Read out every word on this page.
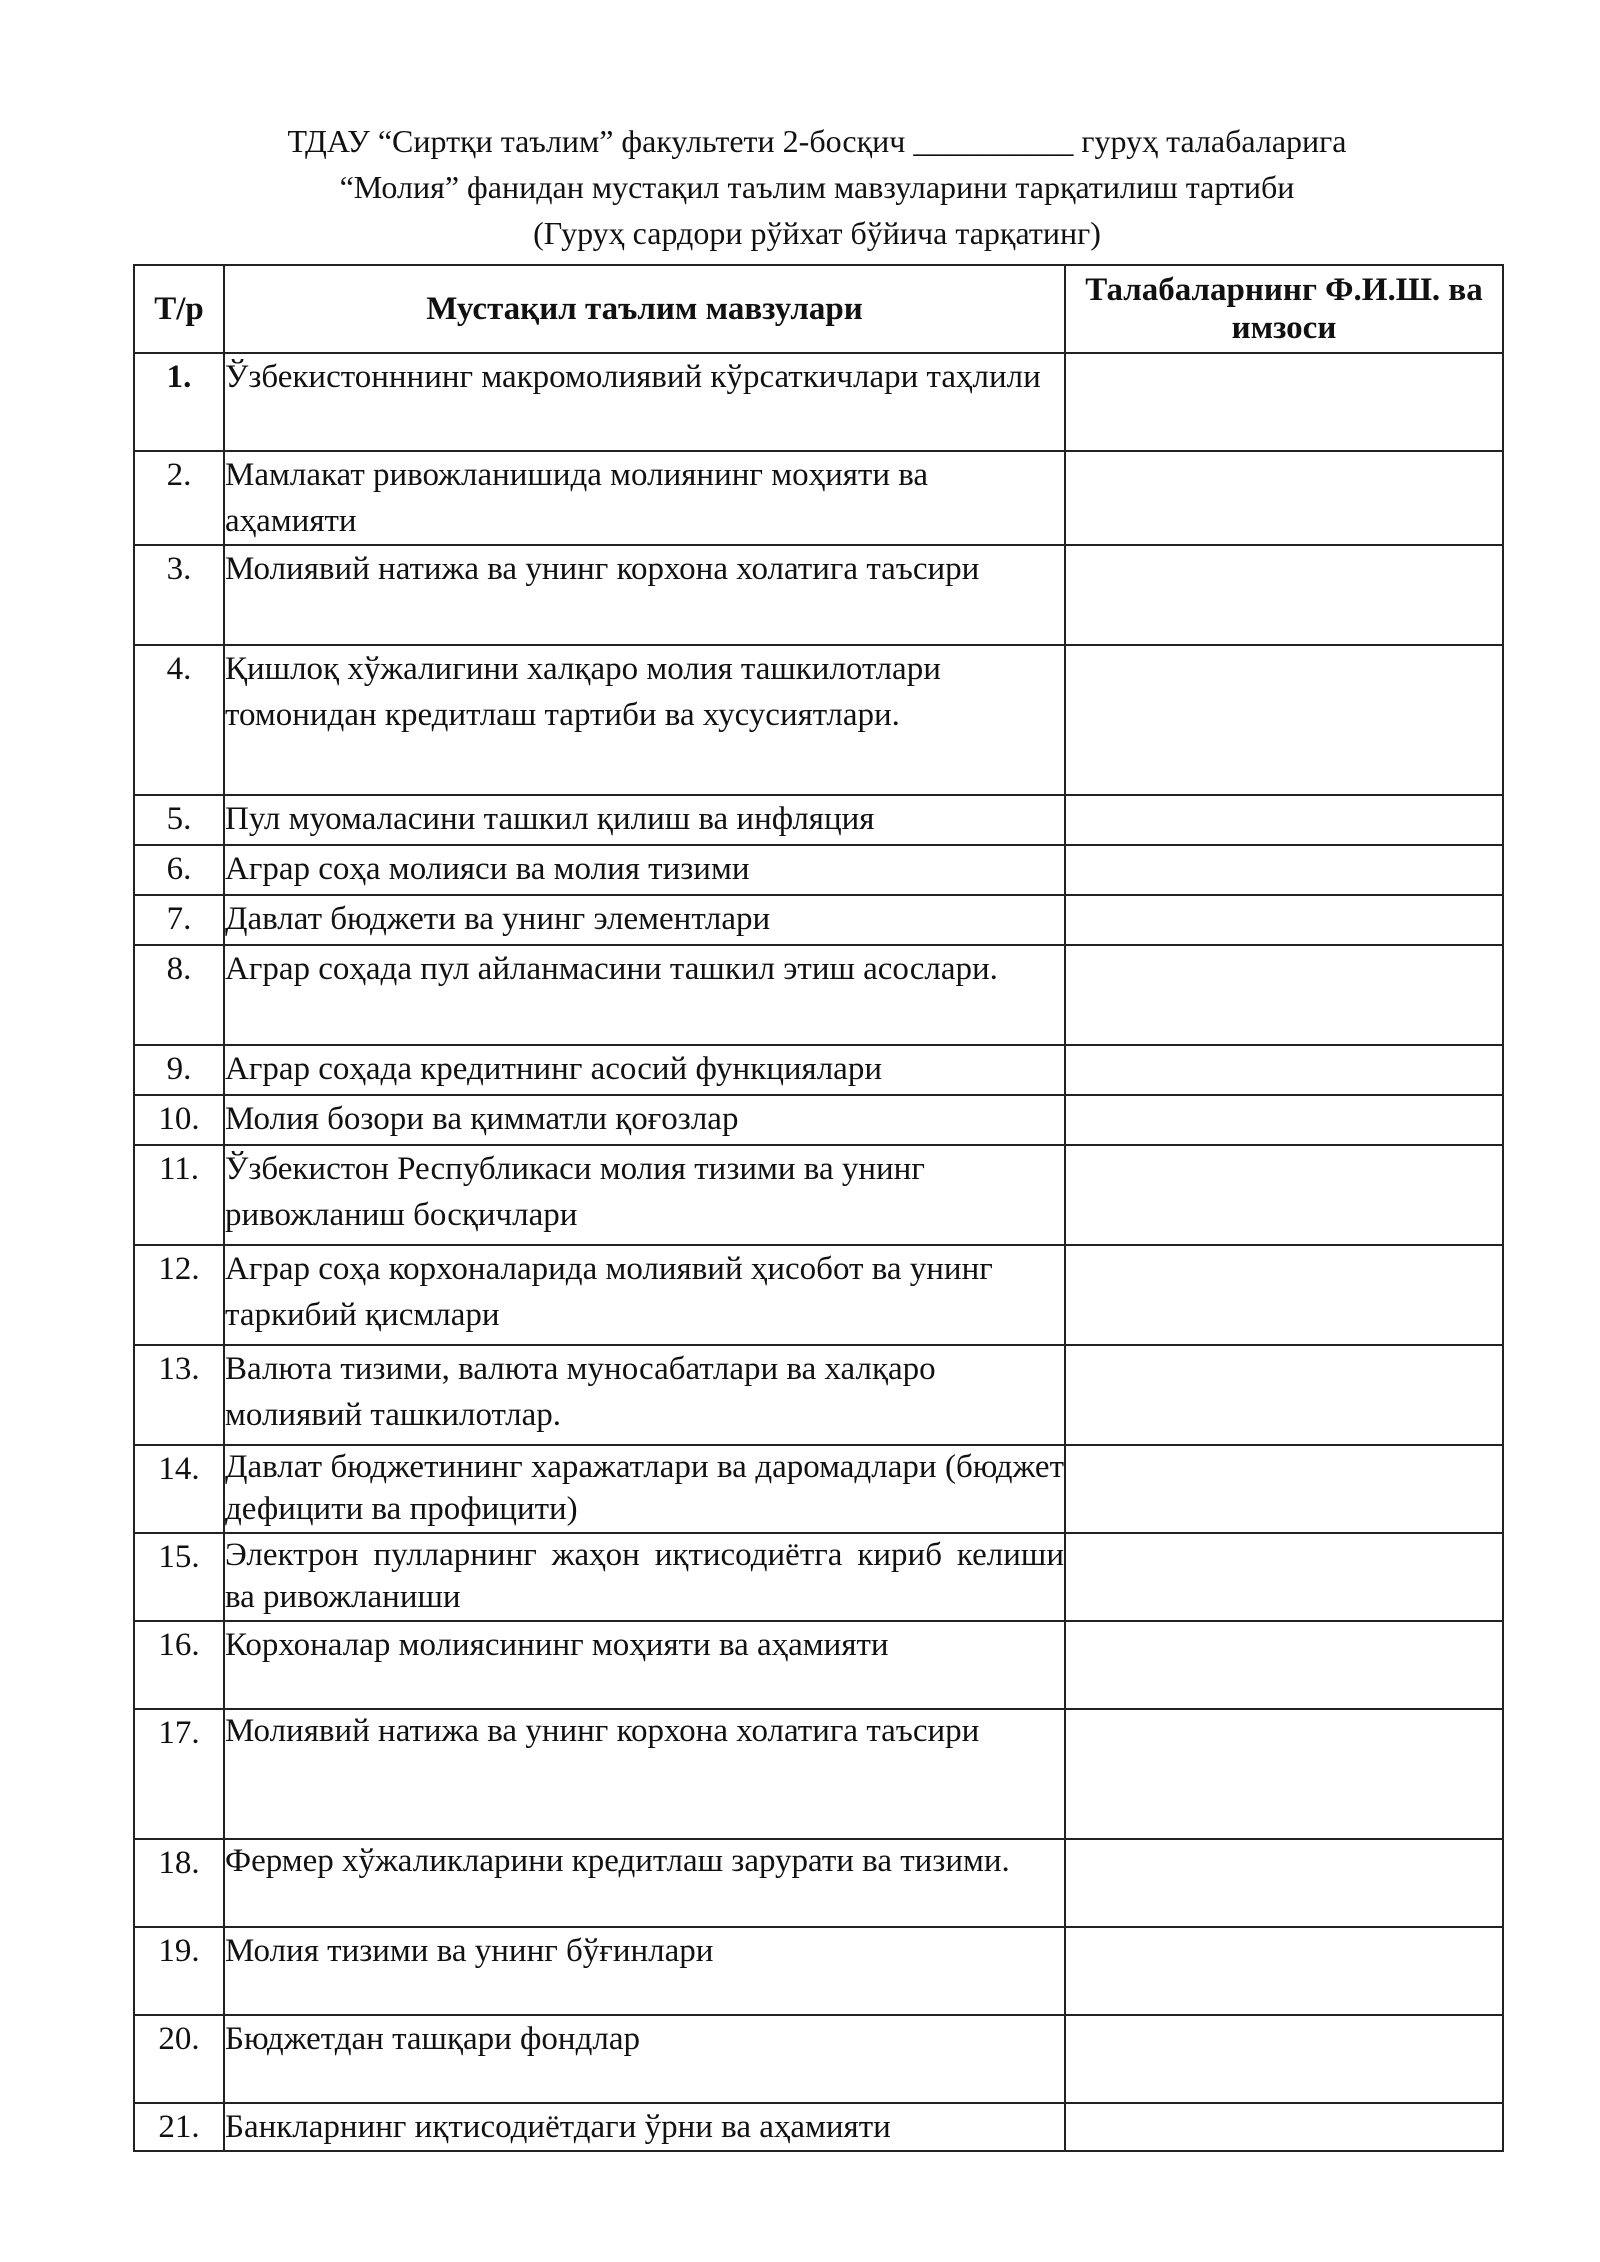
ТДАУ “Сиртқи таълим” факультети 2-босқич __________ гуруҳ талабаларига
“Молия” фанидан мустақил таълим мавзуларини тарқатилиш тартиби
(Гуруҳ сардори рўйхат бўйича тарқатинг)
Т/р	Мустақил таълим мавзулари	Талабаларнинг Ф.И.Ш. ва имзоси
1.	Ўзбекистонннинг макромолиявий кўрсаткичлари таҳлили	
2.	Мамлакат ривожланишида молиянинг моҳияти ва аҳамияти	
3.	Молиявий натижа ва унинг корхона холатига таъсири	
4.	Қишлоқ хўжалигини халқаро молия ташкилотлари томонидан кредитлаш тартиби ва хусусиятлари.	
5.	Пул муомаласини ташкил қилиш ва инфляция	
6.	Аграр соҳа молияси ва молия тизими	
7.	Давлат бюджети ва унинг элементлари	
8.	Аграр соҳада пул айланмасини ташкил этиш асослари.	
9.	Аграр соҳада кредитнинг асосий функциялари	
10.	Молия бозори ва қимматли қоғозлар	
11.	Ўзбекистон Республикаси молия тизими ва унинг ривожланиш босқичлари	
12.	Аграр соҳа корхоналарида молиявий ҳисобот ва унинг таркибий қисмлари	
13.	Валюта тизими, валюта муносабатлари ва халқаро молиявий ташкилотлар.	
14.	Давлат бюджетининг харажатлари ва даромадлари (бюджет дефицити ва профицити)	
15.	Электрон пулларнинг жаҳон иқтисодиётга кириб келиши ва ривожланиши	
16.	Корхоналар молиясининг моҳияти ва аҳамияти	
17.	Молиявий натижа ва унинг корхона холатига таъсири	
18.	Фермер хўжаликларини кредитлаш зарурати ва тизими.	
19.	Молия тизими ва унинг бўғинлари	
20.	Бюджетдан ташқари фондлар	
21.	Банкларнинг иқтисодиётдаги ўрни ва аҳамияти	
